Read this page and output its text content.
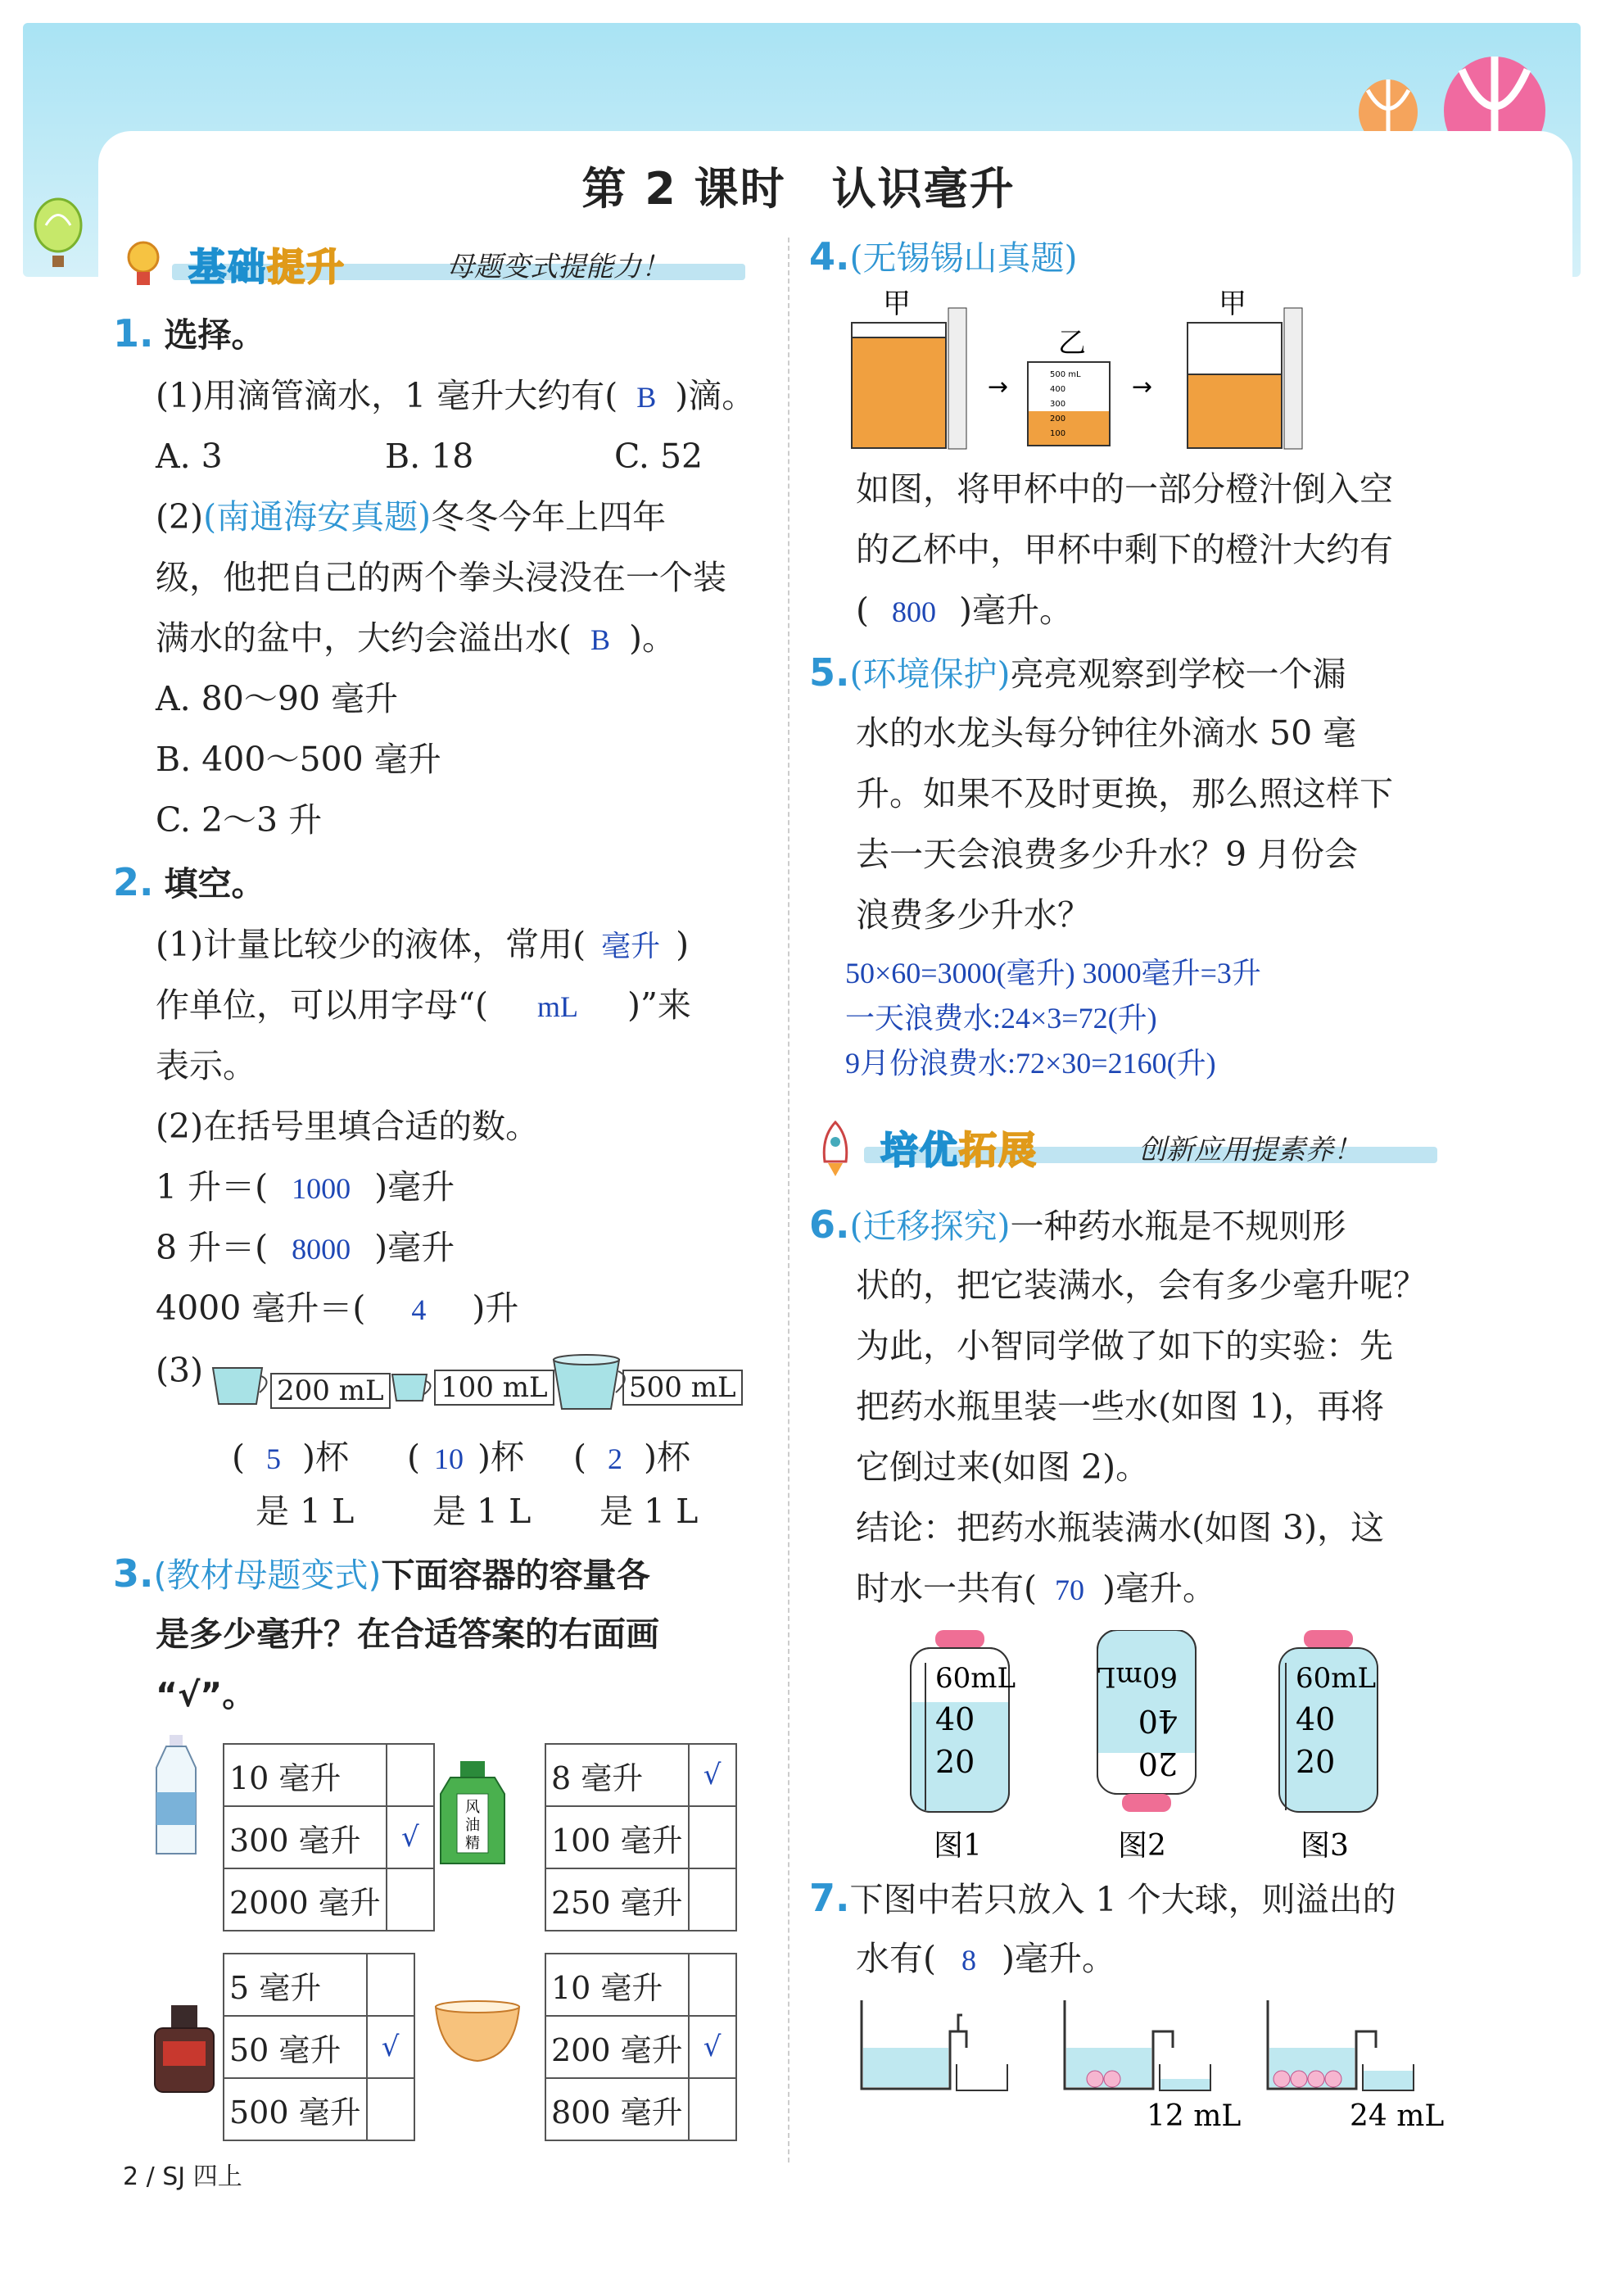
第 2 课时　认识毫升
基础提升	母题变式提能力！
1. 选择。
(1)用滴管滴水，1 毫升大约有( B )滴。
A. 3	B. 18	C. 52
(2)(南通海安真题)冬冬今年上四年
级，他把自己的两个拳头浸没在一个装
满水的盆中，大约会溢出水( B )。
A. 80～90 毫升
B. 400～500 毫升
C. 2～3 升
2. 填空。
(1)计量比较少的液体，常用( 毫升 )
作单位，可以用字母“( mL )”来
表示。
(2)在括号里填合适的数。
1 升＝( 1000 )毫升
8 升＝( 8000 )毫升
4000 毫升＝( 4 )升
(3)
200 mL 100 mL	500 mL
( 5 )杯 ( 10 )杯 ( 2 )杯
是 1 L 是 1 L 是 1 L
3.(教材母题变式)下面容器的容量各
是多少毫升？在合适答案的右面画
“√”。
10 毫升	
300 毫升	√
2000 毫升	
风
油
精
8 毫升	√
100 毫升	
250 毫升	
5 毫升	
50 毫升	√
500 毫升	
10 毫升	
200 毫升	√
800 毫升	
4.(无锡锡山真题)
甲
→
乙
500 mL
400
300
200
100
→
甲
如图，将甲杯中的一部分橙汁倒入空
的乙杯中，甲杯中剩下的橙汁大约有
( 800 )毫升。
5.(环境保护)亮亮观察到学校一个漏
水的水龙头每分钟往外滴水 50 毫
升。如果不及时更换，那么照这样下
去一天会浪费多少升水？9 月份会
浪费多少升水？
50×60=3000(毫升) 3000毫升=3升
一天浪费水:24×3=72(升)
9月份浪费水:72×30=2160(升)
培优拓展	创新应用提素养！
6.(迁移探究)一种药水瓶是不规则形
状的，把它装满水，会有多少毫升呢？
为此，小智同学做了如下的实验：先
把药水瓶里装一些水(如图 1)，再将
它倒过来(如图 2)。
结论：把药水瓶装满水(如图 3)，这
时水一共有( 70 )毫升。
60mL
40
20
60mL
40
20
60mL
40
20
图1	图2	图3
7.下图中若只放入 1 个大球，则溢出的
水有( 8 )毫升。
12 mL	24 mL
2 / SJ 四上
